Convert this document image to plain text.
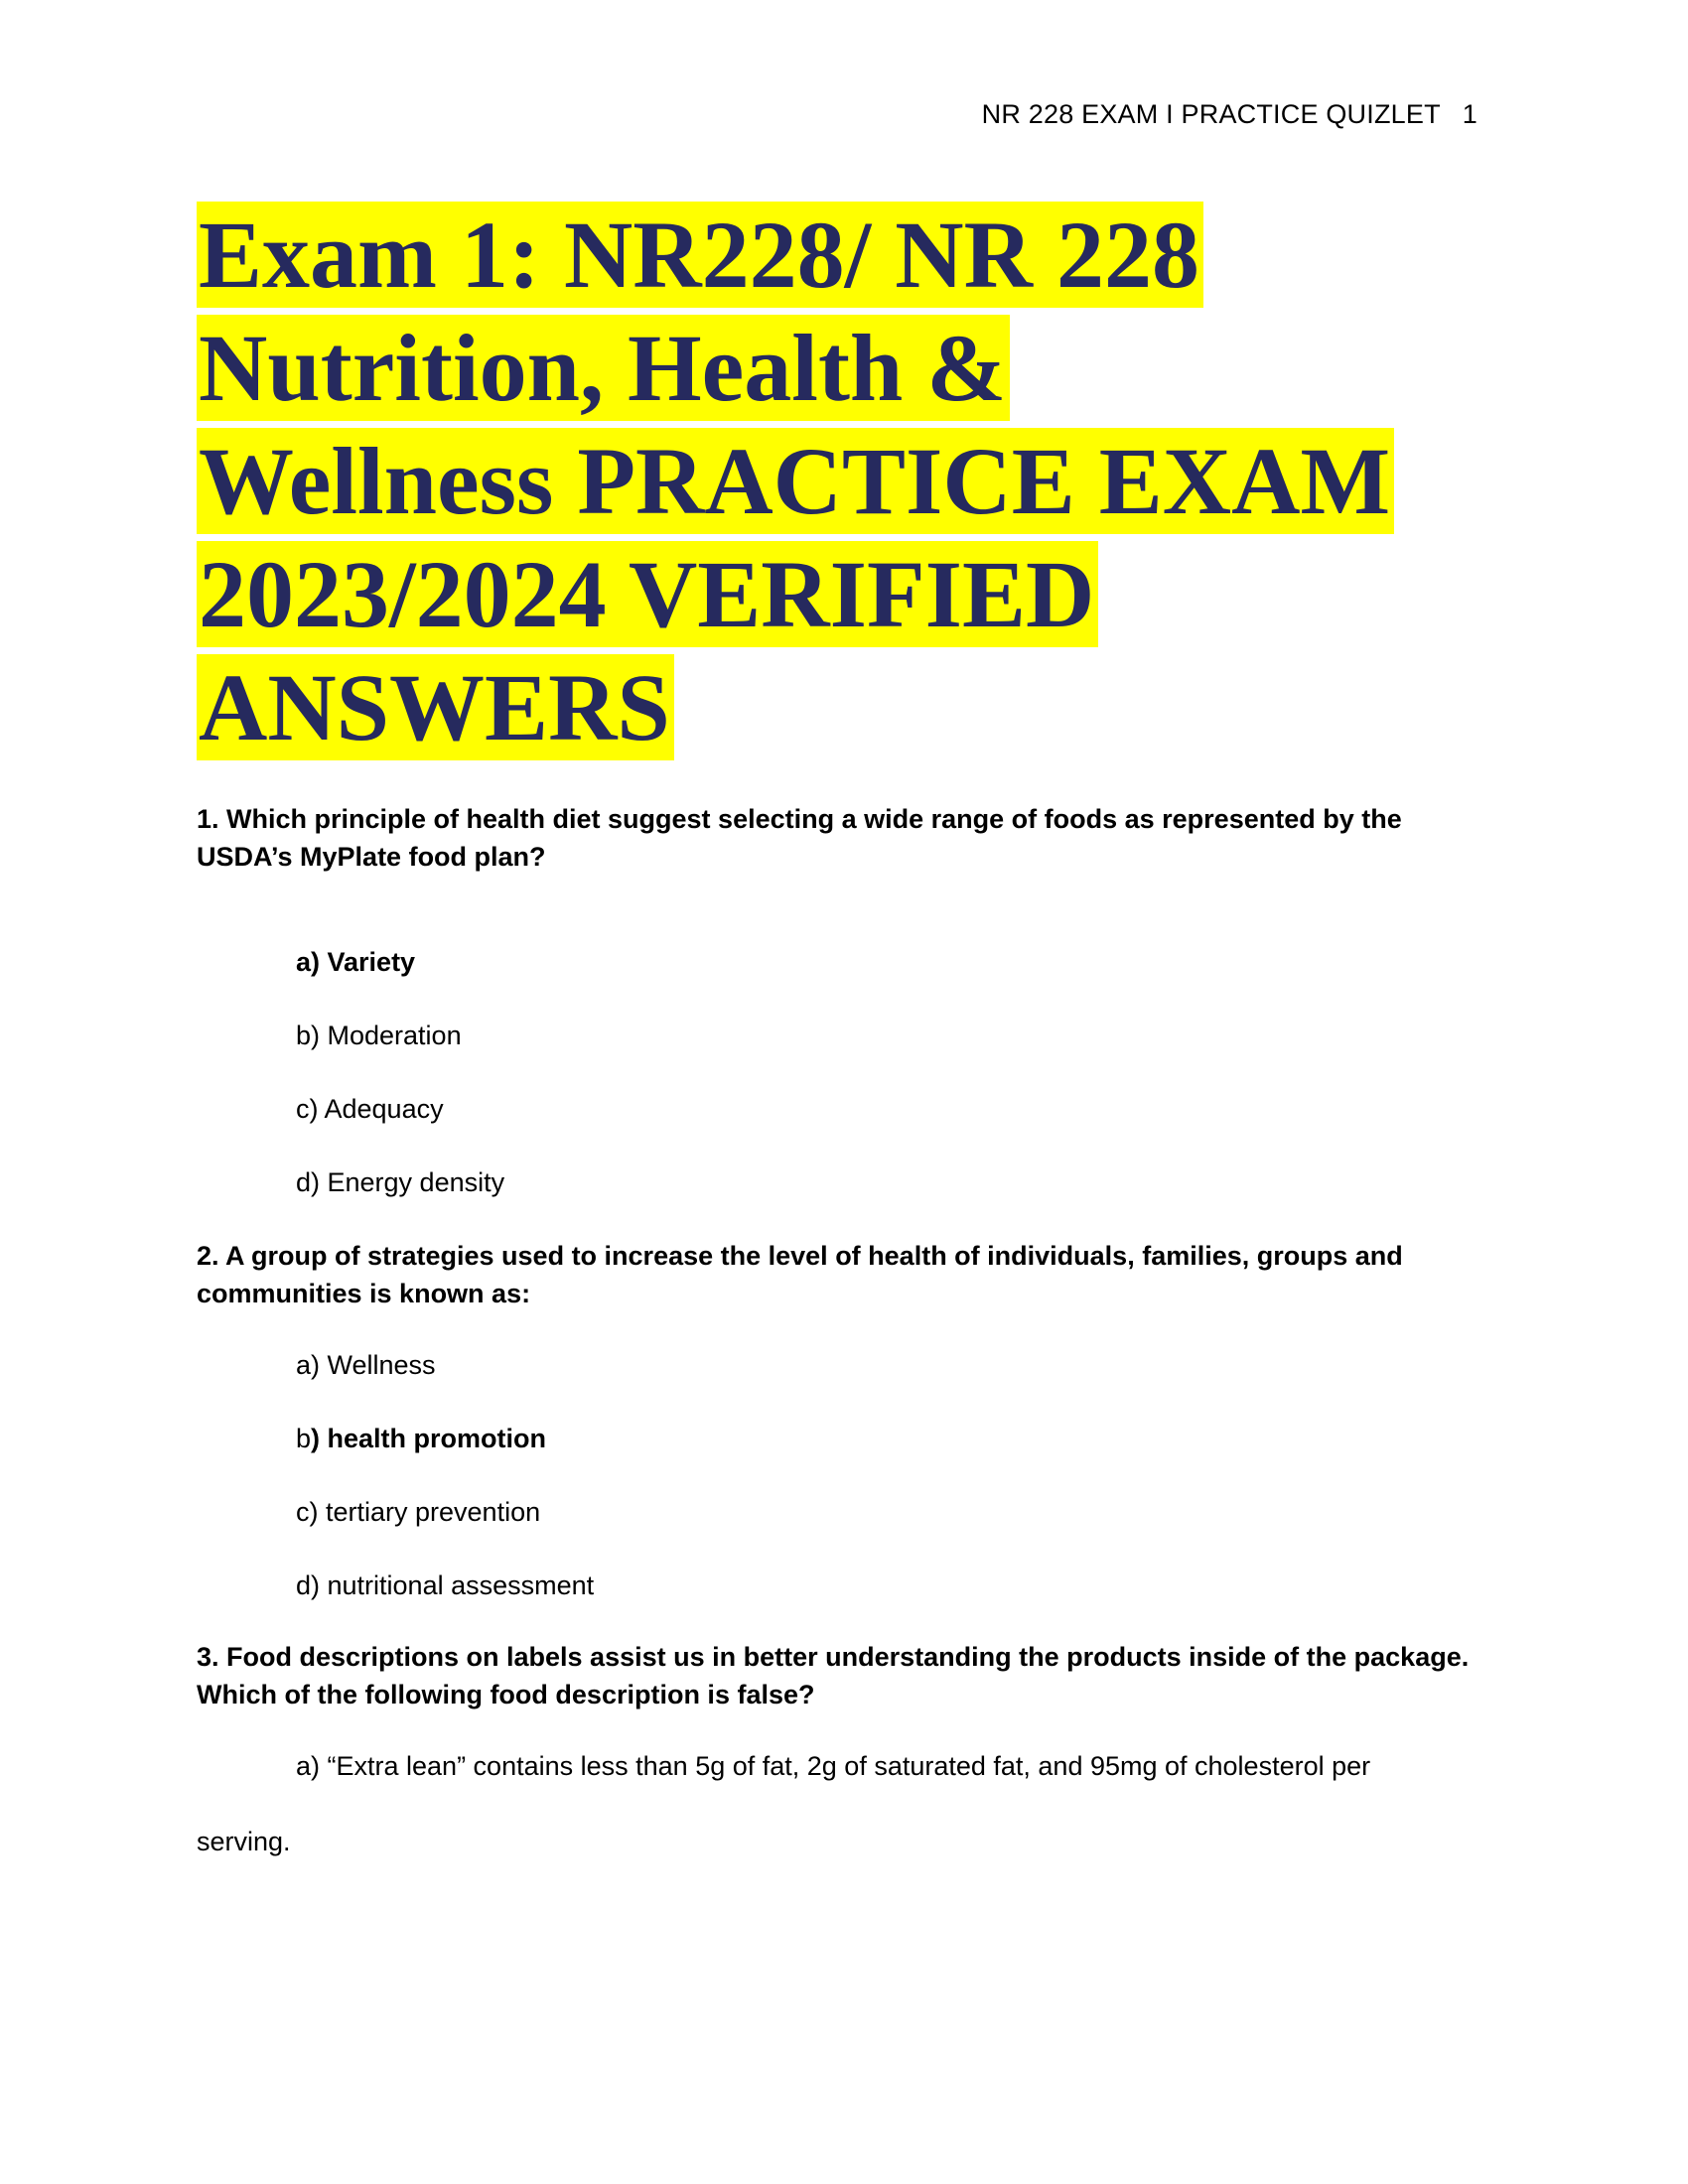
NR 228 EXAM I PRACTICE QUIZLET 1
Exam 1: NR228/ NR 228
Nutrition, Health &
Wellness PRACTICE EXAM
2023/2024 VERIFIED
ANSWERS

1. Which principle of health diet suggest selecting a wide range of foods as represented by the USDA’s MyPlate food plan?

a) Variety
b) Moderation
c) Adequacy
d) Energy density

2. A group of strategies used to increase the level of health of individuals, families, groups and communities is known as:

a) Wellness
b) health promotion
c) tertiary prevention
d) nutritional assessment

3. Food descriptions on labels assist us in better understanding the products inside of the package. Which of the following food description is false?

a) “Extra lean” contains less than 5g of fat, 2g of saturated fat, and 95mg of cholesterol per
serving.
